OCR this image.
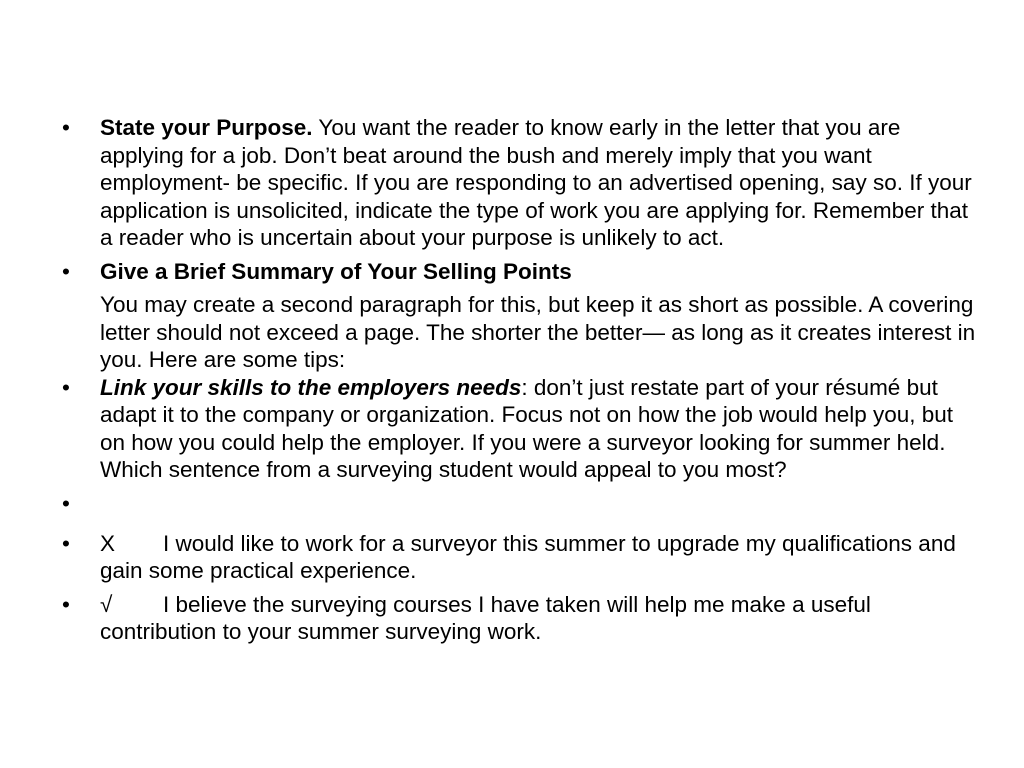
•	State your Purpose. You want the reader to know early in the letter that you are applying for a job. Don’t beat around the bush and merely imply that you want employment- be specific. If you are responding to an advertised opening, say so. If your application is unsolicited, indicate the type of work you are applying for. Remember that a reader who is uncertain about your purpose is unlikely to act.

•	Give a Brief Summary of Your Selling Points

You may create a second paragraph for this, but keep it as short as possible. A covering letter should not exceed a page. The shorter the better— as long as it creates interest in you. Here are some tips:

•	Link your skills to the employers needs: don’t just restate part of your résumé but adapt it to the company or organization. Focus not on how the job would help you, but on how you could help the employer. If you were a surveyor looking for summer held. Which sentence from a surveying student would appeal to you most?

•

•	X I would like to work for a surveyor this summer to upgrade my qualifications and gain some practical experience.

•	√ I believe the surveying courses I have taken will help me make a useful contribution to your summer surveying work.
